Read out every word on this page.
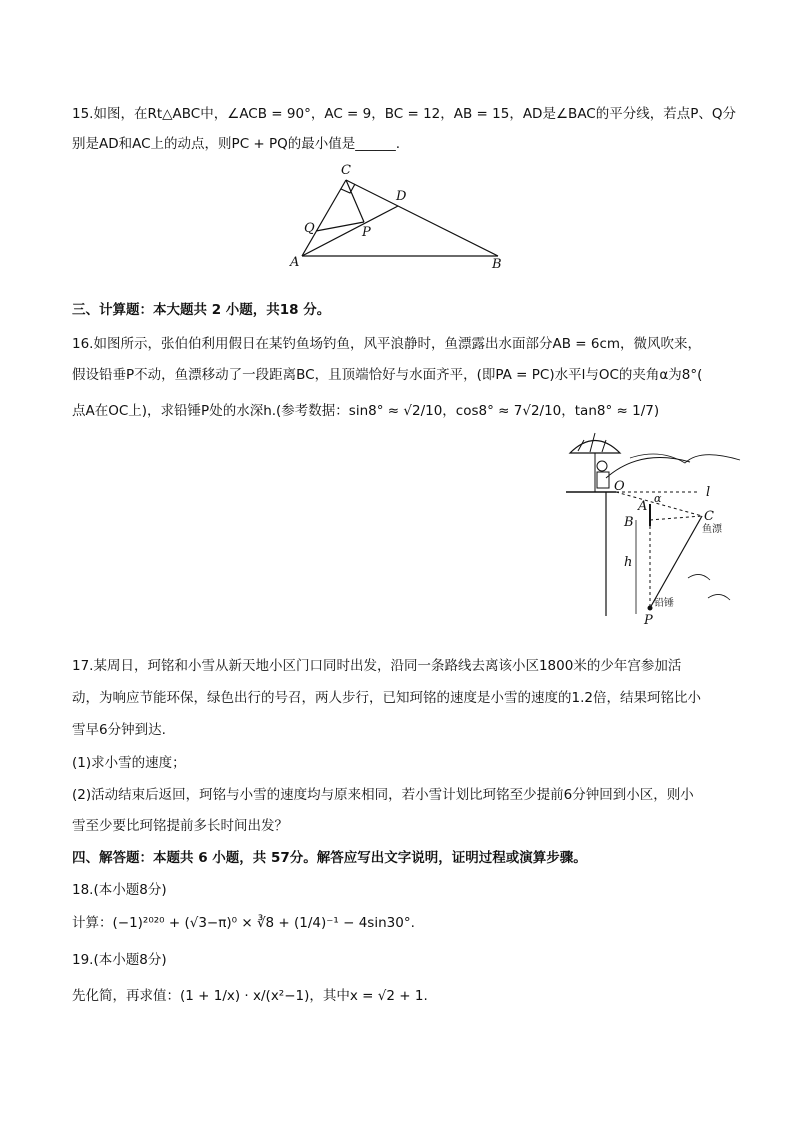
15.如图，在Rt△ABC中，∠ACB = 90°，AC = 9，BC = 12，AB = 15，AD是∠BAC的平分线，若点P、Q分
别是AD和AC上的动点，则PC + PQ的最小值是______.
C
D
Q	P
A	B
三、计算题：本大题共 2 小题，共18 分。
16.如图所示，张伯伯利用假日在某钓鱼场钓鱼，风平浪静时，鱼漂露出水面部分AB = 6cm，微风吹来，
假设铅垂P不动，鱼漂移动了一段距离BC，且顶端恰好与水面齐平，(即PA = PC)水平l与OC的夹角α为8°(
点A在OC上)，求铅锤P处的水深h.(参考数据：sin8° ≈ √2/10，cos8° ≈ 7√2/10，tan8° ≈ 1/7)
O	l
α
A
B	C
鱼漂
h
铅锤
P
17.某周日，珂铭和小雪从新天地小区门口同时出发，沿同一条路线去离该小区1800米的少年宫参加活
动，为响应节能环保，绿色出行的号召，两人步行，已知珂铭的速度是小雪的速度的1.2倍，结果珂铭比小
雪早6分钟到达.
(1)求小雪的速度；
(2)活动结束后返回，珂铭与小雪的速度均与原来相同，若小雪计划比珂铭至少提前6分钟回到小区，则小
雪至少要比珂铭提前多长时间出发？
四、解答题：本题共 6 小题，共 57分。解答应写出文字说明，证明过程或演算步骤。
18.(本小题8分)
计算：(−1)²⁰²⁰ + (√3−π)⁰ × ∛8 + (1/4)⁻¹ − 4sin30°.
19.(本小题8分)
先化简，再求值：(1 + 1/x) · x/(x²−1)，其中x = √2 + 1.
